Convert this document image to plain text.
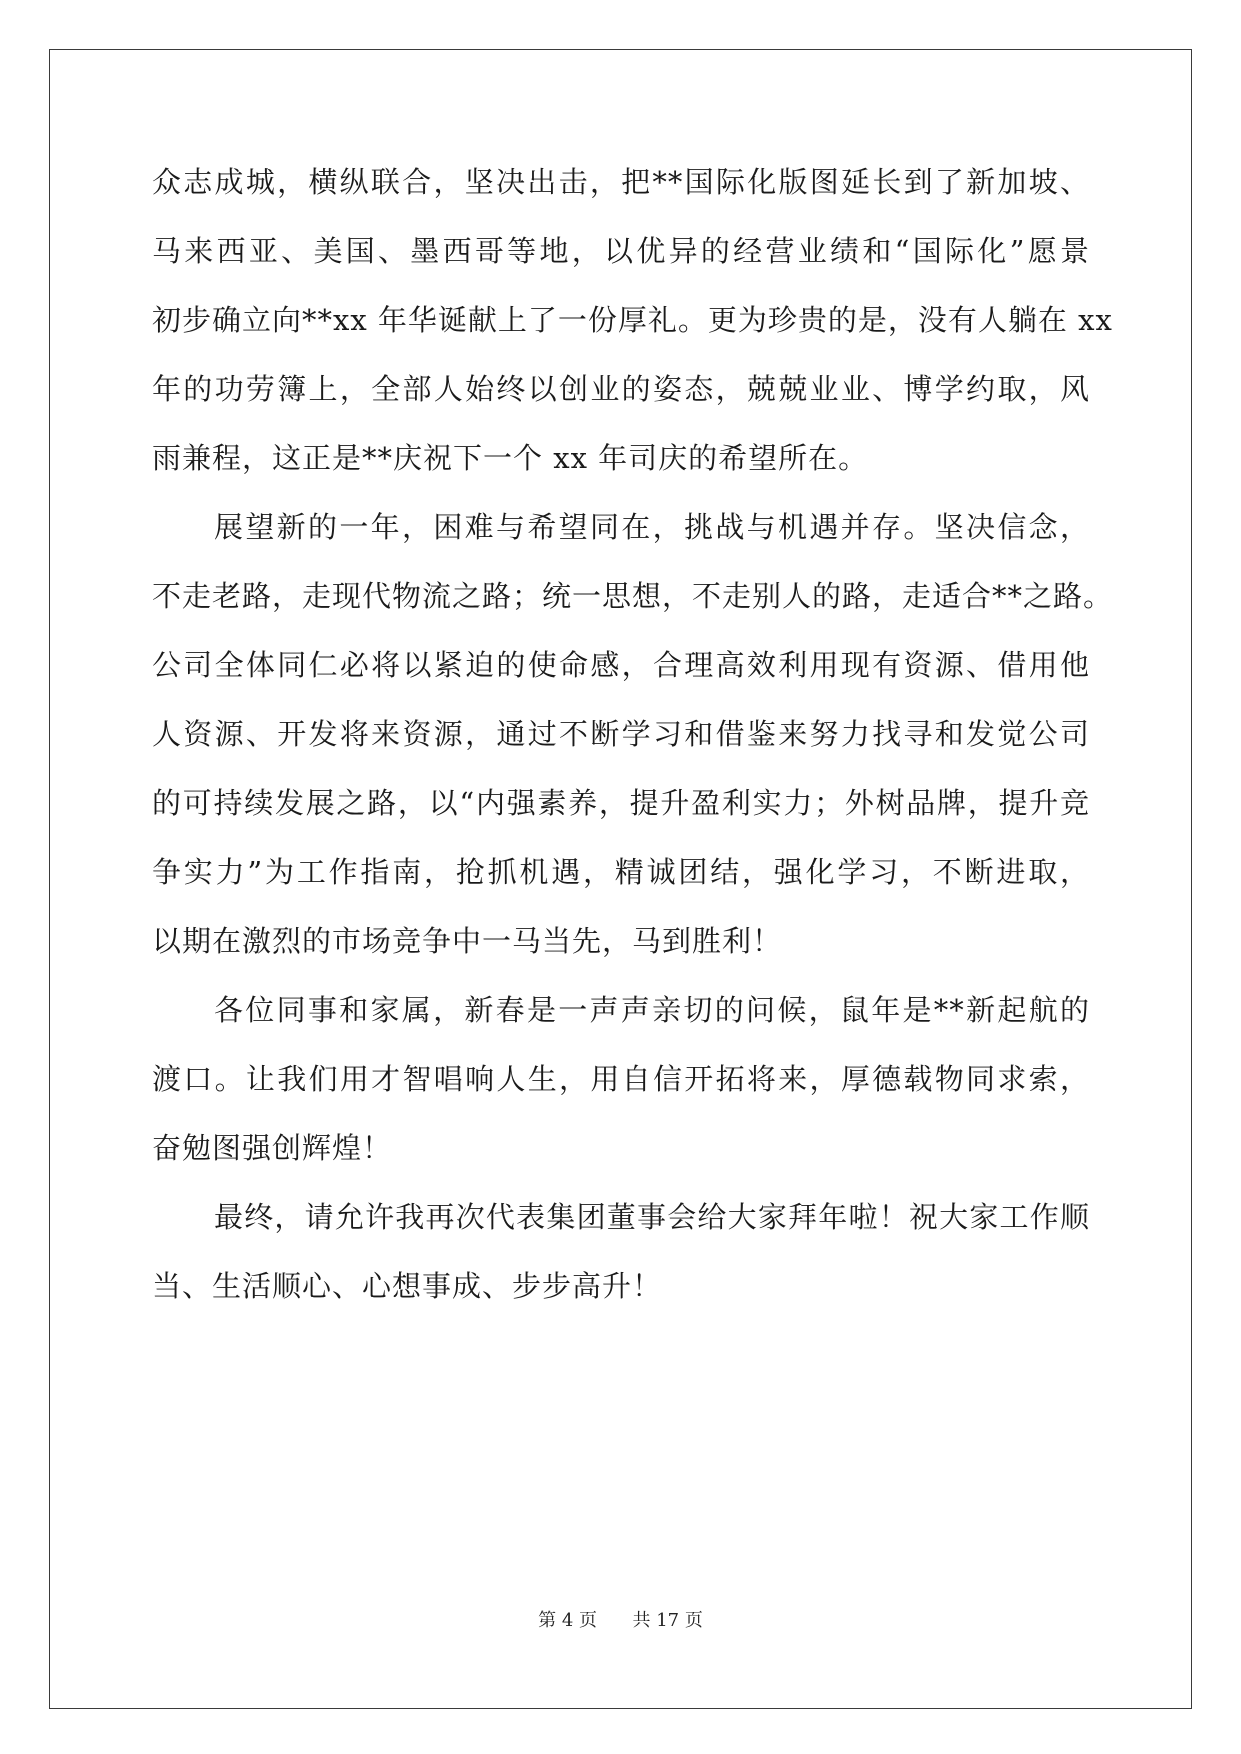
众志成城，横纵联合，坚决出击，把**国际化版图延长到了新加坡、
马来西亚、美国、墨西哥等地，以优异的经营业绩和“国际化”愿景
初步确立向**xx 年华诞献上了一份厚礼。更为珍贵的是，没有人躺在 xx
年的功劳簿上，全部人始终以创业的姿态，兢兢业业、博学约取，风
雨兼程，这正是**庆祝下一个 xx 年司庆的希望所在。
展望新的一年，困难与希望同在，挑战与机遇并存。坚决信念，
不走老路，走现代物流之路；统一思想，不走别人的路，走适合**之路。
公司全体同仁必将以紧迫的使命感，合理高效利用现有资源、借用他
人资源、开发将来资源，通过不断学习和借鉴来努力找寻和发觉公司
的可持续发展之路，以“内强素养，提升盈利实力；外树品牌，提升竞
争实力”为工作指南，抢抓机遇，精诚团结，强化学习，不断进取，
以期在激烈的市场竞争中一马当先，马到胜利！
各位同事和家属，新春是一声声亲切的问候，鼠年是**新起航的
渡口。让我们用才智唱响人生，用自信开拓将来，厚德载物同求索，
奋勉图强创辉煌！
最终，请允许我再次代表集团董事会给大家拜年啦！祝大家工作顺
当、生活顺心、心想事成、步步高升！
第 4 页 共 17 页
